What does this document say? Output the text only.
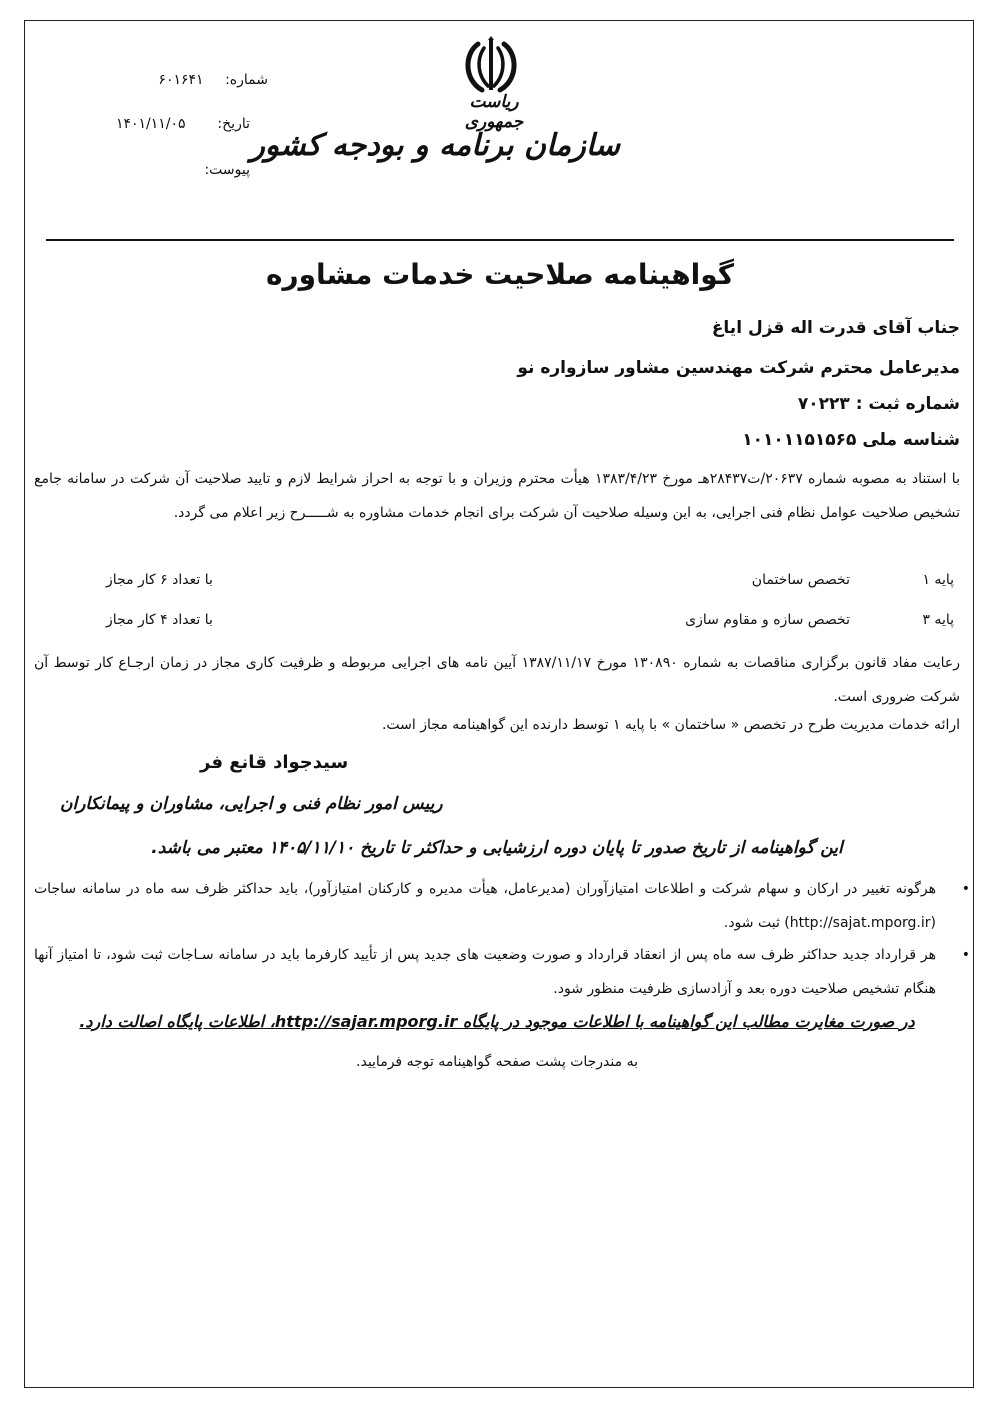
شماره: ۶۰۱۶۴۱
تاریخ: ۱۴۰۱/۱۱/۰۵
پیوست:
ریاست جمهوری
سازمان برنامه و بودجه کشور
گواهینامه صلاحیت خدمات مشاوره
جناب آقای قدرت اله قزل ایاغ
مدیرعامل محترم شرکت مهندسین مشاور سازواره نو
شماره ثبت : ۷۰۲۲۳
شناسه ملی ۱۰۱۰۱۱۵۱۵۶۵
با استناد به مصوبه شماره ۲۰۶۳۷/ت۲۸۴۳۷هـ مورخ ۱۳۸۳/۴/۲۳ هیأت محترم وزیران و با توجه به احراز شرایط لازم و تایید صلاحیت آن شرکت در سامانه جامع تشخیص صلاحیت عوامل نظام فنی اجرایی، به این وسیله صلاحیت آن شرکت برای انجام خدمات مشاوره به شـــــرح زیر اعلام می گردد.
پایه ۱
تخصص ساختمان
با تعداد ۶ کار مجاز
پایه ۳
تخصص سازه و مقاوم سازی
با تعداد ۴ کار مجاز
رعایت مفاد قانون برگزاری مناقصات به شماره ۱۳۰۸۹۰ مورخ ۱۳۸۷/۱۱/۱۷ آیین نامه های اجرایی مربوطه و ظرفیت کاری مجاز در زمان ارجـاع کار توسط آن شرکت ضروری است.
ارائه خدمات مدیریت طرح در تخصص « ساختمان » با پایه ۱ توسط دارنده این گواهینامه مجاز است.
سیدجواد قانع فر
رییس امور نظام فنی و اجرایی، مشاوران و پیمانکاران
این گواهینامه از تاریخ صدور تا پایان دوره ارزشیابی و حداکثر تا تاریخ ۱۴۰۵/۱۱/۱۰ معتبر می باشد.
•
هرگونه تغییر در ارکان و سهام شرکت و اطلاعات امتیازآوران (مدیرعامل، هیأت مدیره و کارکنان امتیازآور)، باید حداکثر ظرف سه ماه در سامانه ساجات (http://sajat.mporg.ir) ثبت شود.
•
هر قرارداد جدید حداکثر ظرف سه ماه پس از انعقاد قرارداد و صورت وضعیت های جدید پس از تأیید کارفرما باید در سامانه سـاجات ثبت شود، تا امتیاز آنها هنگام تشخیص صلاحیت دوره بعد و آزادسازی ظرفیت منظور شود.
در صورت مغایرت مطالب این گواهینامه با اطلاعات موجود در پایگاه http://sajar.mporg.ir، اطلاعات پایگاه اصالت دارد.
به مندرجات پشت صفحه گواهینامه توجه فرمایید.
